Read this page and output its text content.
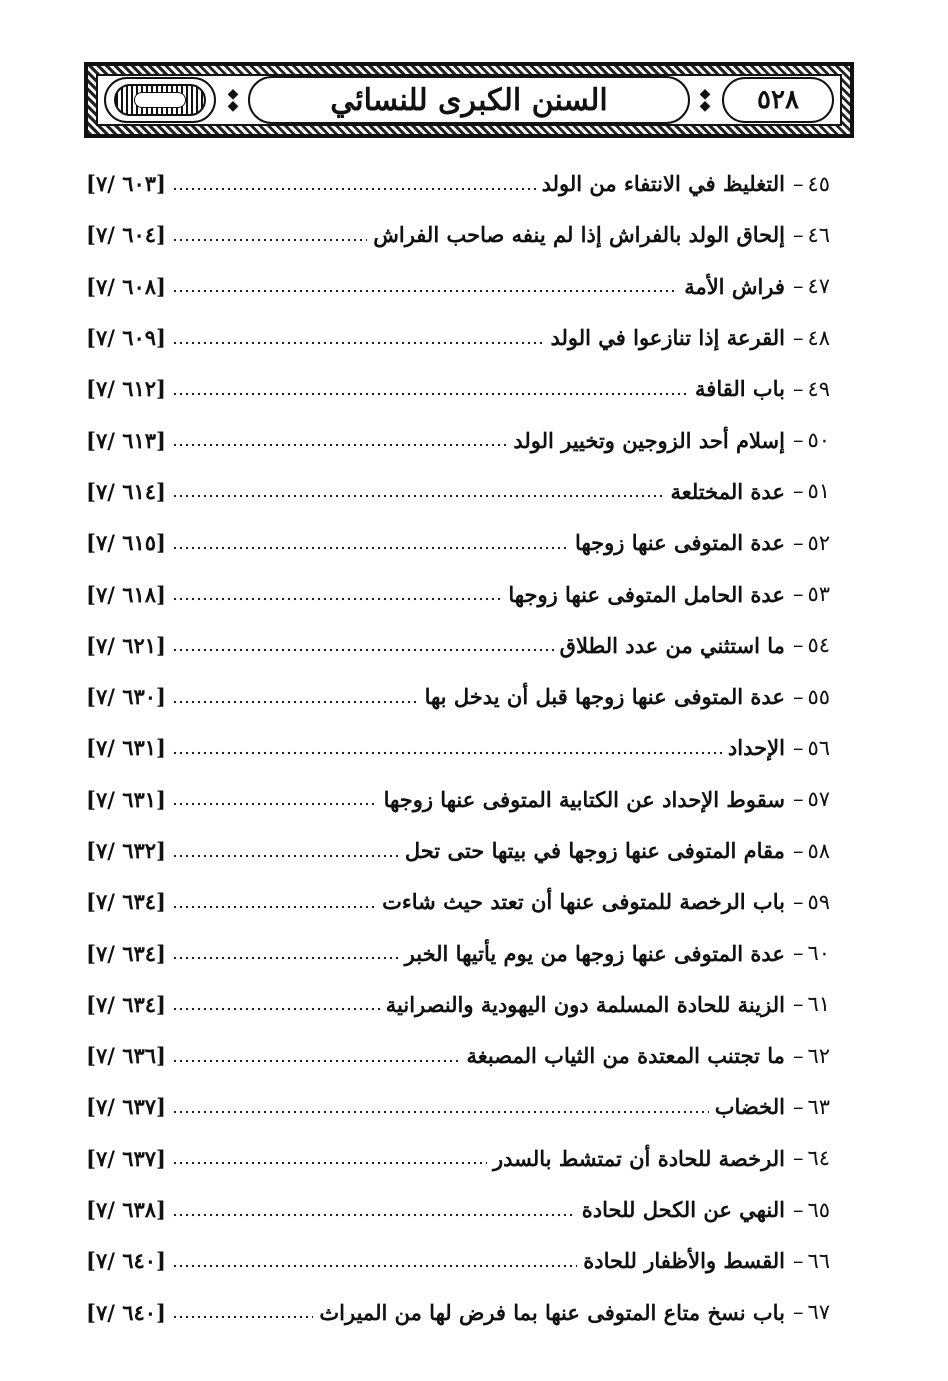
◆
◆	السنن الكبرى للنسائي	◆
◆ ٥٢٨
٤٥
–
التغليظ في الانتفاء من الولد
[٦٠٣ /٧]
٤٦
–
إلحاق الولد بالفراش إذا لم ينفه صاحب الفراش
[٦٠٤ /٧]
٤٧
–
فراش الأمة
[٦٠٨ /٧]
٤٨
–
القرعة إذا تنازعوا في الولد
[٦٠٩ /٧]
٤٩
–
باب القافة
[٦١٢ /٧]
٥٠
–
إسلام أحد الزوجين وتخيير الولد
[٦١٣ /٧]
٥١
–
عدة المختلعة
[٦١٤ /٧]
٥٢
–
عدة المتوفى عنها زوجها
[٦١٥ /٧]
٥٣
–
عدة الحامل المتوفى عنها زوجها
[٦١٨ /٧]
٥٤
–
ما استثني من عدد الطلاق
[٦٢١ /٧]
٥٥
–
عدة المتوفى عنها زوجها قبل أن يدخل بها
[٦٣٠ /٧]
٥٦
–
الإحداد
[٦٣١ /٧]
٥٧
–
سقوط الإحداد عن الكتابية المتوفى عنها زوجها
[٦٣١ /٧]
٥٨
–
مقام المتوفى عنها زوجها في بيتها حتى تحل
[٦٣٢ /٧]
٥٩
–
باب الرخصة للمتوفى عنها أن تعتد حيث شاءت
[٦٣٤ /٧]
٦٠
–
عدة المتوفى عنها زوجها من يوم يأتيها الخبر
[٦٣٤ /٧]
٦١
–
الزينة للحادة المسلمة دون اليهودية والنصرانية
[٦٣٤ /٧]
٦٢
–
ما تجتنب المعتدة من الثياب المصبغة
[٦٣٦ /٧]
٦٣
–
الخضاب
[٦٣٧ /٧]
٦٤
–
الرخصة للحادة أن تمتشط بالسدر
[٦٣٧ /٧]
٦٥
–
النهي عن الكحل للحادة
[٦٣٨ /٧]
٦٦
–
القسط والأظفار للحادة
[٦٤٠ /٧]
٦٧
–
باب نسخ متاع المتوفى عنها بما فرض لها من الميراث
[٦٤٠ /٧]
